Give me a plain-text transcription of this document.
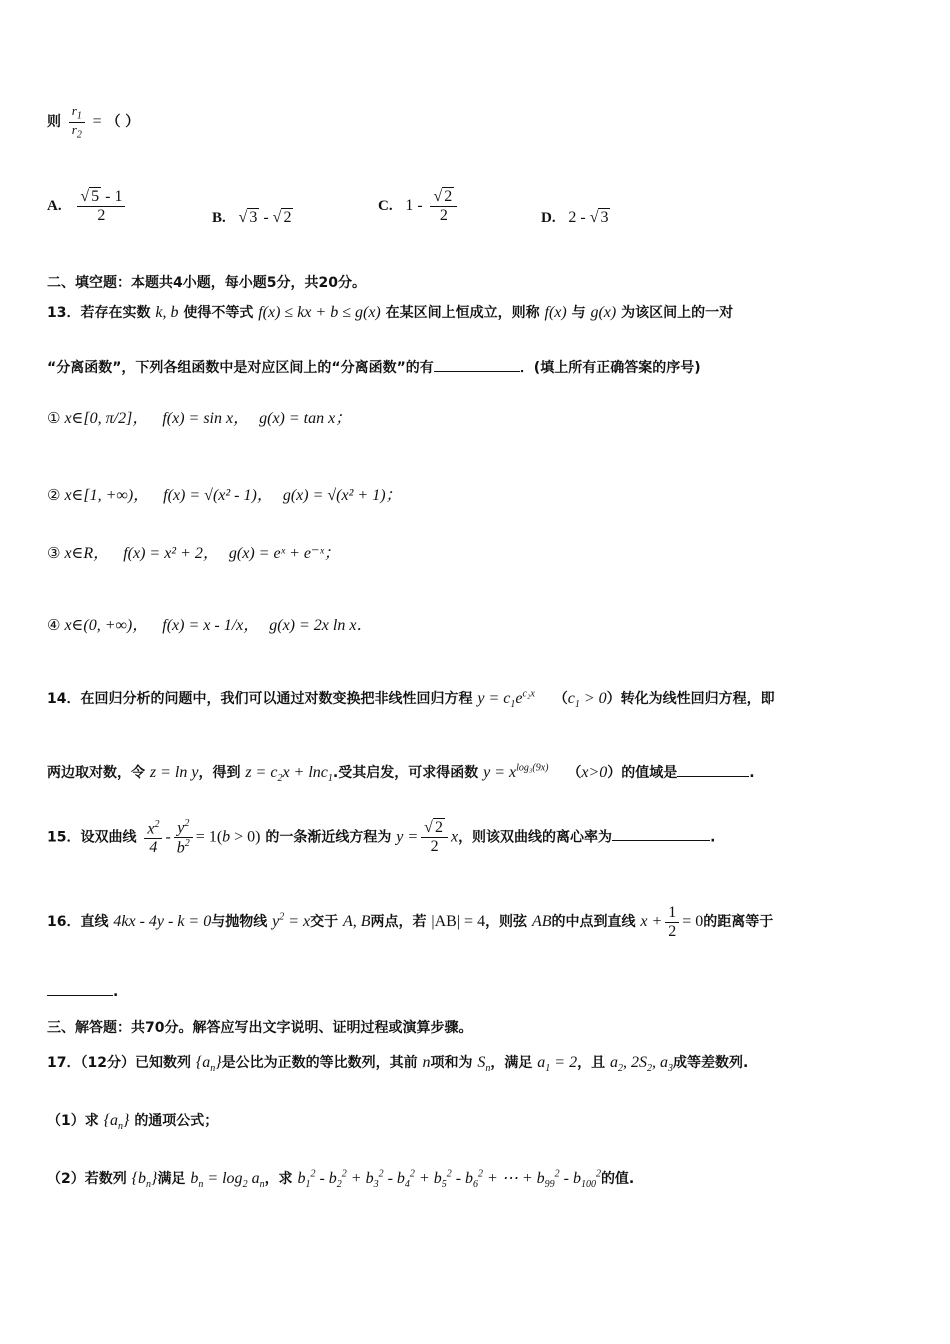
则 $\frac{r_1}{r_2}$ = （ ）
A. $\frac{√ 5 - 1}{2}$	B. √ 3 - √ 2
C. $1 - \frac{√ 2}{2}$	D. 2 - √ 3
二、填空题：本题共4小题，每小题5分，共20分。
13．若存在实数 k, b 使得不等式 f(x) ≤ kx + b ≤ g(x) 在某区间上恒成立，则称 f(x) 与 g(x) 为该区间上的一对
“分离函数”，下列各组函数中是对应区间上的“分离函数”的有	．(填上所有正确答案的序号)
① x∈[0, π/2]， f(x) = sin x， g(x) = tan x；
② x∈[1, +∞)， f(x) = √(x² - 1)， g(x) = √(x² + 1)；
③ x∈R， f(x) = x² + 2， g(x) = eˣ + e⁻ˣ；
④ x∈(0, +∞)， f(x) = x - 1/x， g(x) = 2x ln x．
14．在回归分析的问题中，我们可以通过对数变换把非线性回归方程 $y = c_1e^{c_2x}$ $(c_1 > 0)$转化为线性回归方程，即
两边取对数，令 z = ln y，得到 $z = c_2x + \ln c_1$.受其启发，可求得函数 $y = x^{log_3(9x)}$ （x>0）的值域是	.
15．设双曲线 $\frac{x^2}{4} - \frac{y^2}{b^2} = 1(b > 0)$ 的一条渐近线方程为 $y = \frac{√ 2}{2}$ x，则该双曲线的离心率为	.
16．直线 4kx - 4y - k = 0与抛物线 $y^2 = x$交于 A, B两点，若 |AB| = 4，则弦 AB的中点到直线 $x + \frac{1}{2} = 0$的距离等于
.
三、解答题：共70分。解答应写出文字说明、证明过程或演算步骤。
17．（12分）已知数列 $\{a_n\}$是公比为正数的等比数列，其前 n项和为 $S_n$，满足 $a_1 = 2$，且 $a_2$, $2S_2$, $a_3$成等差数列.
（1）求 $\{a_n\}$ 的通项公式；
（2）若数列 $\{b_n\}$满足 $b_n = \log_2 a_n$，求 $b_1^2 - b_2^2 + b_3^2 - b_4^2 + b_5^2 - b_6^2$ + ⋯ + $b_{99}^2 - b_{100}^2$的值.
